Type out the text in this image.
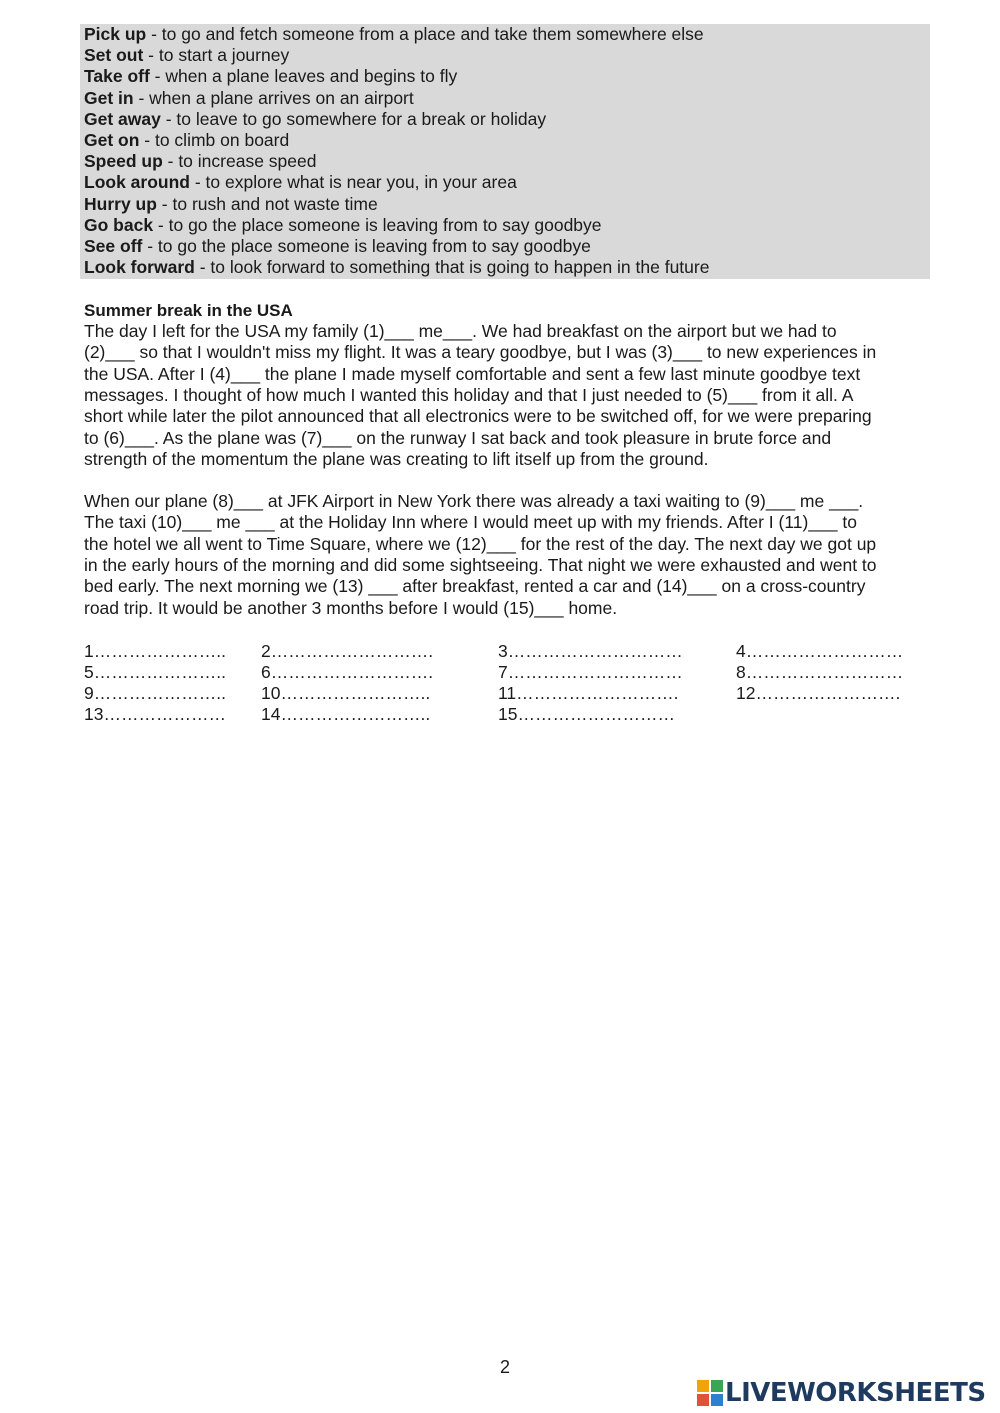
Pick up - to go and fetch someone from a place and take them somewhere else
Set out - to start a journey
Take off - when a plane leaves and begins to fly
Get in - when a plane arrives on an airport
Get away - to leave to go somewhere for a break or holiday
Get on - to climb on board
Speed up - to increase speed
Look around - to explore what is near you, in your area
Hurry up - to rush and not waste time
Go back - to go the place someone is leaving from to say goodbye
See off - to go the place someone is leaving from to say goodbye
Look forward - to look forward to something that is going to happen in the future
Summer break in the USA
The day I left for the USA my family (1)___ me___. We had breakfast on the airport but we had to
(2)___ so that I wouldn't miss my flight. It was a teary goodbye, but I was (3)___ to new experiences in
the USA. After I (4)___ the plane I made myself comfortable and sent a few last minute goodbye text
messages. I thought of how much I wanted this holiday and that I just needed to (5)___ from it all. A
short while later the pilot announced that all electronics were to be switched off, for we were preparing
to (6)___. As the plane was (7)___ on the runway I sat back and took pleasure in brute force and
strength of the momentum the plane was creating to lift itself up from the ground.
When our plane (8)___ at JFK Airport in New York there was already a taxi waiting to (9)___ me ___.
The taxi (10)___ me ___ at the Holiday Inn where I would meet up with my friends. After I (11)___ to
the hotel we all went to Time Square, where we (12)___ for the rest of the day. The next day we got up
in the early hours of the morning and did some sightseeing. That night we were exhausted and went to
bed early. The next morning we (13) ___ after breakfast, rented a car and (14)___ on a cross-country
road trip. It would be another 3 months before I would (15)___ home.
1………………….. 2……………………….	3…………………………	4………………………
5………………….. 6……………………….	7…………………………	8………………………
9………………….. 10……………………..	11……………………….	12…………………….
13………………… 14……………………..	15………………………
2
LIVEWORKSHEETS
